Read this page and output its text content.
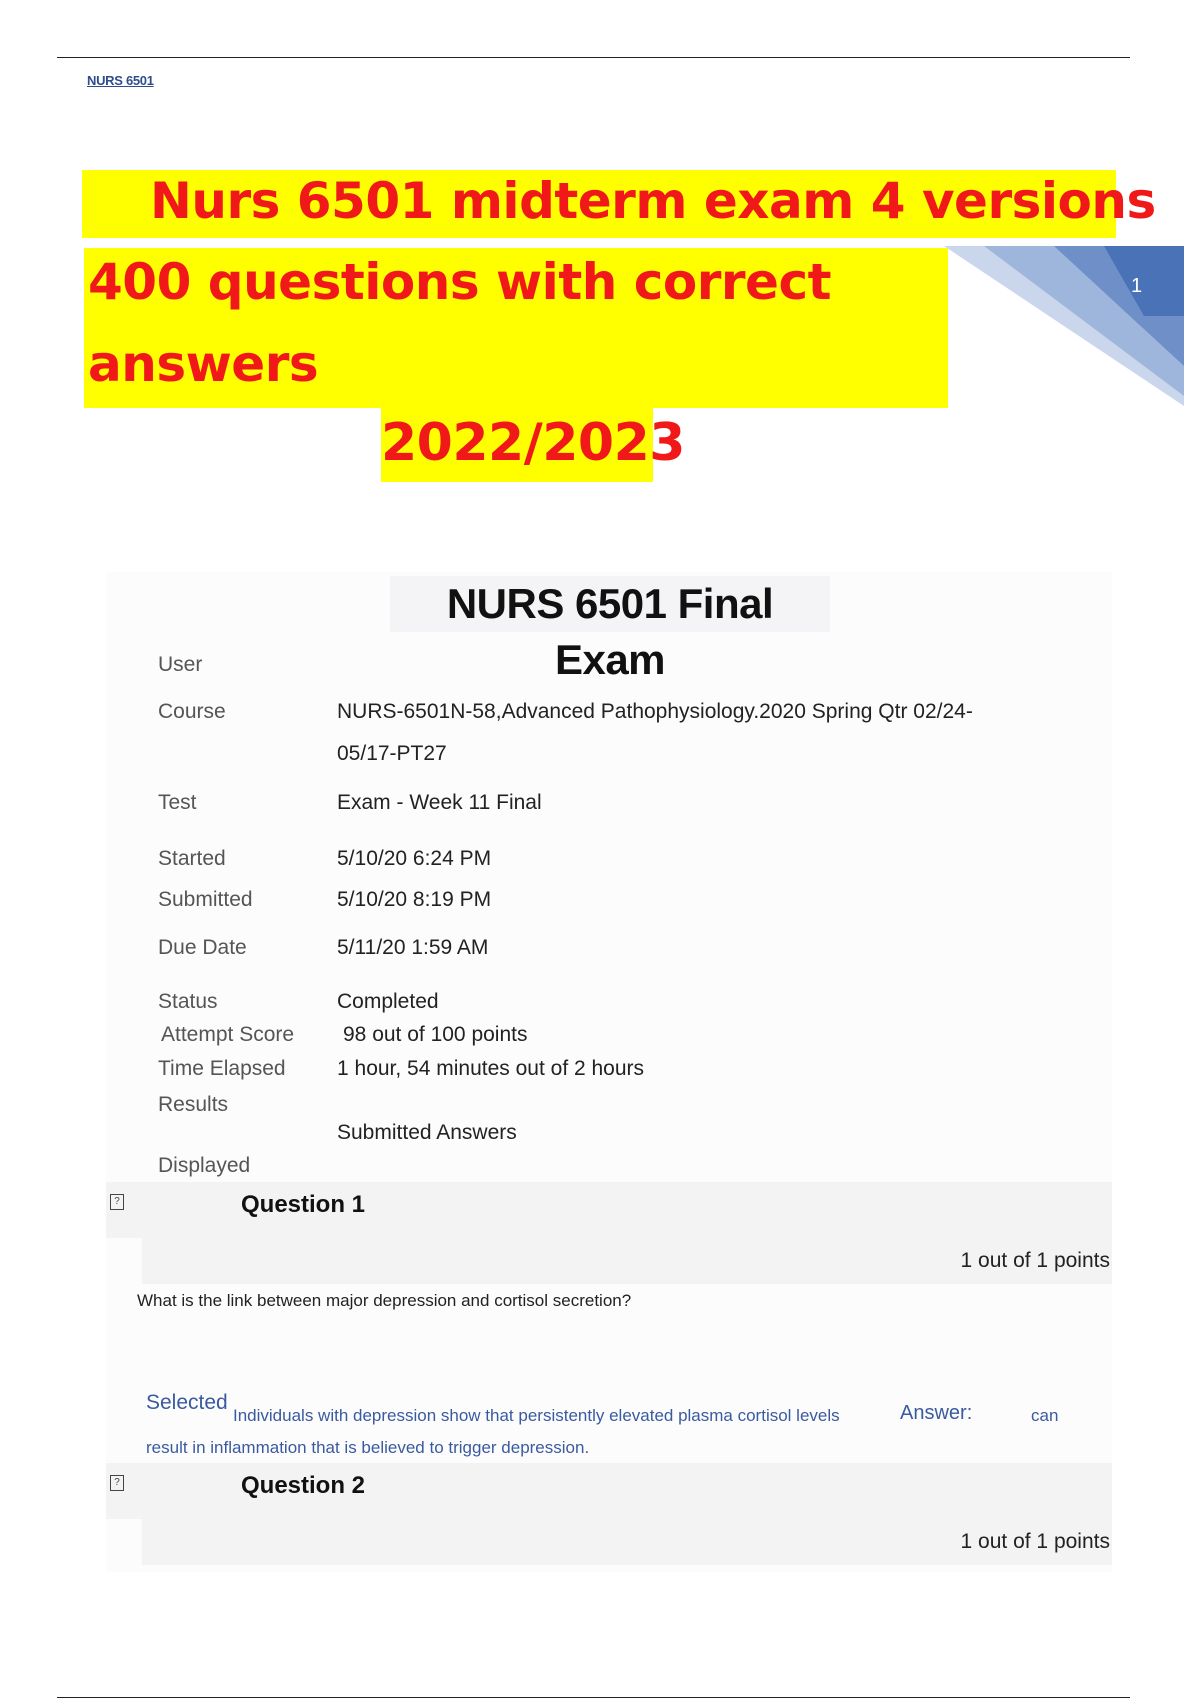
NURS 6501
Nurs 6501 midterm exam 4 versions
400 questions with correct
answers
2022/2023
1
NURS 6501 Final Exam
User
Course	NURS-6501N-58,Advanced Pathophysiology.2020 Spring Qtr 02/24-
05/17-PT27
Test	Exam - Week 11 Final
Started	5/10/20 6:24 PM
Submitted	5/10/20 8:19 PM
Due Date	5/11/20 1:59 AM
Status	Completed
Attempt Score 98 out of 100 points
Time Elapsed 1 hour, 54 minutes out of 2 hours
Results
Submitted Answers
Displayed
?	Question 1
1 out of 1 points
What is the link between major depression and cortisol secretion?
Selected
Individuals with depression show that persistently elevated plasma cortisol levels	Answer:	can
result in inflammation that is believed to trigger depression.
?	Question 2
1 out of 1 points
